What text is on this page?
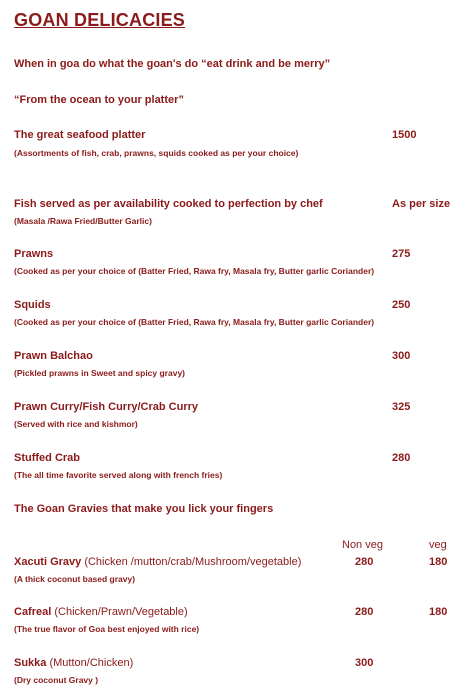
GOAN DELICACIES
When in goa do what the goan's do “eat drink and be merry”
“From the ocean to your platter”
The great seafood platter	1500
(Assortments of fish, crab, prawns, squids cooked as per your choice)
Fish served as per availability cooked to perfection by chef	As per size
(Masala /Rawa Fried/Butter Garlic)
Prawns	275
(Cooked as per your choice of (Batter Fried, Rawa fry, Masala fry, Butter garlic Coriander)
Squids	250
(Cooked as per your choice of (Batter Fried, Rawa fry, Masala fry, Butter garlic Coriander)
Prawn Balchao	300
(Pickled prawns in Sweet and spicy gravy)
Prawn Curry/Fish Curry/Crab Curry	325
(Served with rice and kishmor)
Stuffed Crab	280
(The all time favorite served along with french fries)
The Goan Gravies that make you lick your fingers
Non veg	veg
Xacuti Gravy (Chicken /mutton/crab/Mushroom/vegetable)	280	180
(A thick coconut based gravy)
Cafreal (Chicken/Prawn/Vegetable)	280	180
(The true flavor of Goa best enjoyed with rice)
Sukka (Mutton/Chicken)	300
(Dry coconut Gravy )
